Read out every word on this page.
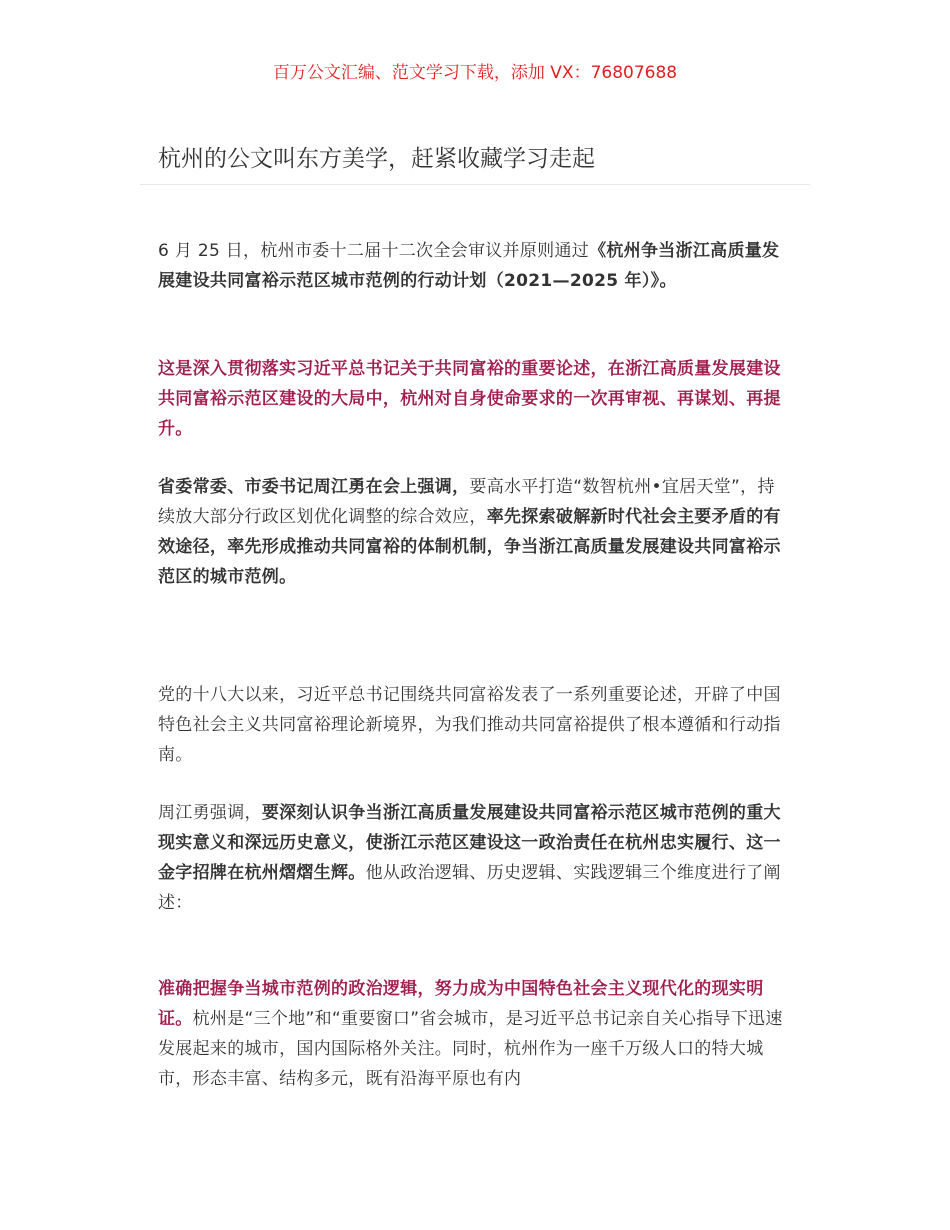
百万公文汇编、范文学习下载，添加 VX：76807688
杭州的公文叫东方美学，赶紧收藏学习走起

6 月 25 日，杭州市委十二届十二次全会审议并原则通过《杭州争当浙江高质量发展建设共同富裕示范区城市范例的行动计划（2021—2025 年）》。

这是深入贯彻落实习近平总书记关于共同富裕的重要论述，在浙江高质量发展建设共同富裕示范区建设的大局中，杭州对自身使命要求的一次再审视、再谋划、再提升。

省委常委、市委书记周江勇在会上强调，要高水平打造“数智杭州•宜居天堂”，持续放大部分行政区划优化调整的综合效应，率先探索破解新时代社会主要矛盾的有效途径，率先形成推动共同富裕的体制机制，争当浙江高质量发展建设共同富裕示范区的城市范例。

党的十八大以来，习近平总书记围绕共同富裕发表了一系列重要论述，开辟了中国特色社会主义共同富裕理论新境界，为我们推动共同富裕提供了根本遵循和行动指南。

周江勇强调，要深刻认识争当浙江高质量发展建设共同富裕示范区城市范例的重大现实意义和深远历史意义，使浙江示范区建设这一政治责任在杭州忠实履行、这一金字招牌在杭州熠熠生辉。他从政治逻辑、历史逻辑、实践逻辑三个维度进行了阐述：

准确把握争当城市范例的政治逻辑，努力成为中国特色社会主义现代化的现实明证。杭州是“三个地”和“重要窗口”省会城市，是习近平总书记亲自关心指导下迅速发展起来的城市，国内国际格外关注。同时，杭州作为一座千万级人口的特大城市，形态丰富、结构多元，既有沿海平原也有内
